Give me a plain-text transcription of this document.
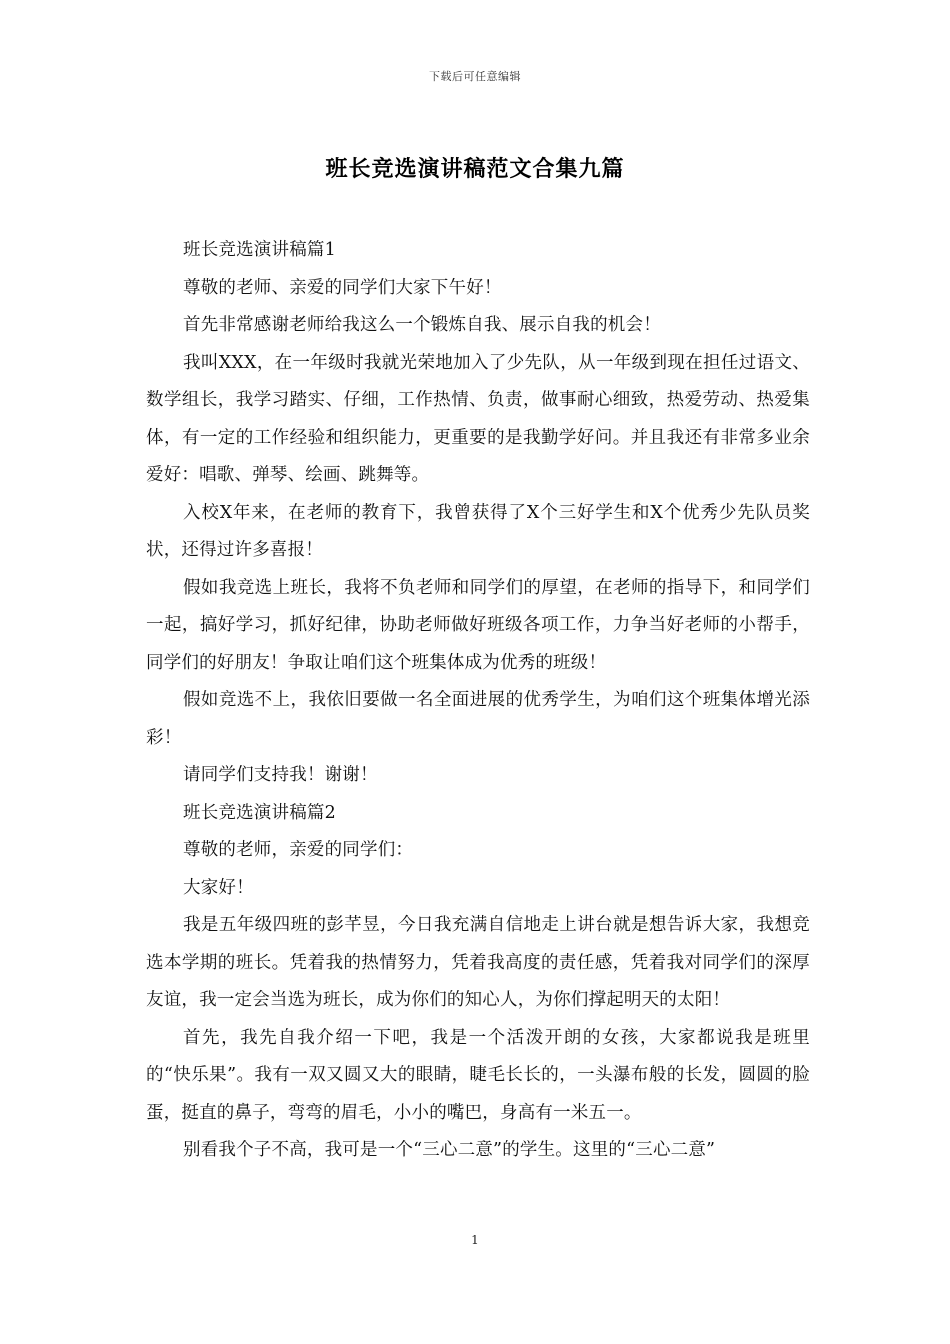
下载后可任意编辑
班长竞选演讲稿范文合集九篇

班长竞选演讲稿篇1

尊敬的老师、亲爱的同学们大家下午好！

首先非常感谢老师给我这么一个锻炼自我、展示自我的机会！

我叫XXX，在一年级时我就光荣地加入了少先队，从一年级到现在担任过语文、数学组长，我学习踏实、仔细，工作热情、负责，做事耐心细致，热爱劳动、热爱集体，有一定的工作经验和组织能力，更重要的是我勤学好问。并且我还有非常多业余爱好：唱歌、弹琴、绘画、跳舞等。

入校X年来，在老师的教育下，我曾获得了X个三好学生和X个优秀少先队员奖状，还得过许多喜报！

假如我竞选上班长，我将不负老师和同学们的厚望，在老师的指导下，和同学们一起，搞好学习，抓好纪律，协助老师做好班级各项工作，力争当好老师的小帮手，同学们的好朋友！争取让咱们这个班集体成为优秀的班级！

假如竞选不上，我依旧要做一名全面进展的优秀学生，为咱们这个班集体增光添彩！

请同学们支持我！谢谢！

班长竞选演讲稿篇2

尊敬的老师，亲爱的同学们：

大家好！

我是五年级四班的彭芊昱，今日我充满自信地走上讲台就是想告诉大家，我想竞选本学期的班长。凭着我的热情努力，凭着我高度的责任感，凭着我对同学们的深厚友谊，我一定会当选为班长，成为你们的知心人，为你们撑起明天的太阳！

首先，我先自我介绍一下吧，我是一个活泼开朗的女孩，大家都说我是班里的“快乐果”。我有一双又圆又大的眼睛，睫毛长长的，一头瀑布般的长发，圆圆的脸蛋，挺直的鼻子，弯弯的眉毛，小小的嘴巴，身高有一米五一。

别看我个子不高，我可是一个“三心二意”的学生。这里的“三心二意”

1
